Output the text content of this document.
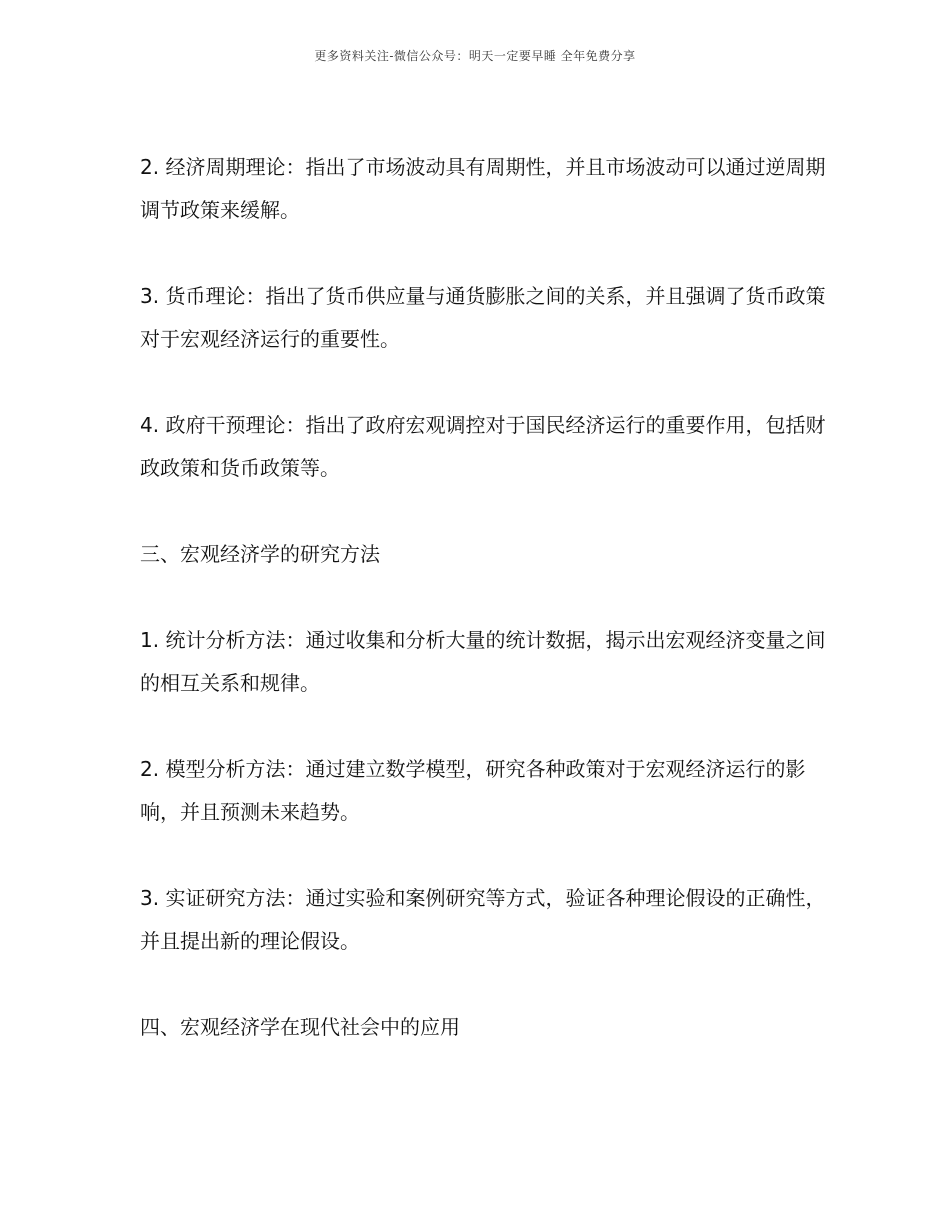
更多资料关注-微信公众号：明天一定要早睡 全年免费分享

2. 经济周期理论：指出了市场波动具有周期性，并且市场波动可以通过逆周期调节政策来缓解。

3. 货币理论：指出了货币供应量与通货膨胀之间的关系，并且强调了货币政策对于宏观经济运行的重要性。

4. 政府干预理论：指出了政府宏观调控对于国民经济运行的重要作用，包括财政政策和货币政策等。

三、宏观经济学的研究方法

1. 统计分析方法：通过收集和分析大量的统计数据，揭示出宏观经济变量之间的相互关系和规律。

2. 模型分析方法：通过建立数学模型，研究各种政策对于宏观经济运行的影响，并且预测未来趋势。

3. 实证研究方法：通过实验和案例研究等方式，验证各种理论假设的正确性，并且提出新的理论假设。

四、宏观经济学在现代社会中的应用
